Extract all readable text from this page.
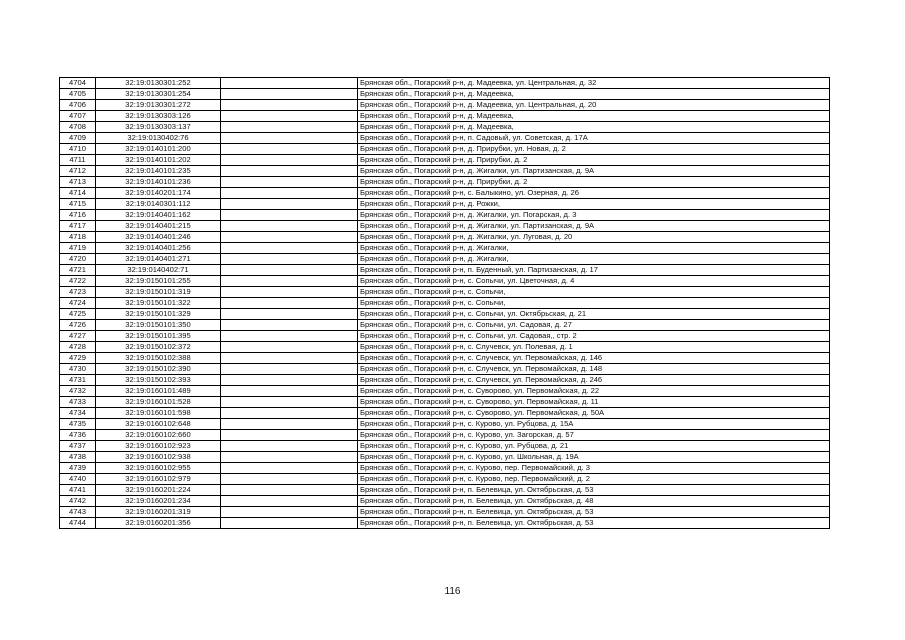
4704	32:19:0130301:252		Брянская обл., Погарский р-н, д. Мадеевка, ул. Центральная, д. 32
4705	32:19:0130301:254		Брянская обл., Погарский р-н, д. Мадеевка,
4706	32:19:0130301:272		Брянская обл., Погарский р-н, д. Мадеевка, ул. Центральная, д. 20
4707	32:19:0130303:126		Брянская обл., Погарский р-н, д. Мадеевка,
4708	32:19:0130303:137		Брянская обл., Погарский р-н, д. Мадеевка,
4709	32:19:0130402:76		Брянская обл., Погарский р-н, п. Садовый, ул. Советская, д. 17А
4710	32:19:0140101:200		Брянская обл., Погарский р-н, д. Прирубки, ул. Новая, д. 2
4711	32:19:0140101:202		Брянская обл., Погарский р-н, д. Прирубки, д. 2
4712	32:19:0140101:235		Брянская обл., Погарский р-н, д. Жигалки, ул. Партизанская, д. 9А
4713	32:19:0140101:236		Брянская обл., Погарский р-н, д. Прирубки, д. 2
4714	32:19:0140201:174		Брянская обл., Погарский р-н, с. Балыкино, ул. Озерная, д. 26
4715	32:19:0140301:112		Брянская обл., Погарский р-н, д. Рожки,
4716	32:19:0140401:162		Брянская обл., Погарский р-н, д. Жигалки, ул. Погарская, д. 3
4717	32:19:0140401:215		Брянская обл., Погарский р-н, д. Жигалки, ул. Партизанская, д. 9А
4718	32:19:0140401:246		Брянская обл., Погарский р-н, д. Жигалки, ул. Луговая, д. 20
4719	32:19:0140401:256		Брянская обл., Погарский р-н, д. Жигалки,
4720	32:19:0140401:271		Брянская обл., Погарский р-н, д. Жигалки,
4721	32:19:0140402:71		Брянская обл., Погарский р-н, п. Буденный, ул. Партизанская, д. 17
4722	32:19:0150101:255		Брянская обл., Погарский р-н, с. Сопычи, ул. Цветочная, д. 4
4723	32:19:0150101:319		Брянская обл., Погарский р-н, с. Сопычи,
4724	32:19:0150101:322		Брянская обл., Погарский р-н, с. Сопычи,
4725	32:19:0150101:329		Брянская обл., Погарский р-н, с. Сопычи, ул. Октябрьская, д. 21
4726	32:19:0150101:350		Брянская обл., Погарский р-н, с. Сопычи, ул. Садовая, д. 27
4727	32:19:0150101:395		Брянская обл., Погарский р-н, с. Сопычи, ул. Садовая,, стр. 2
4728	32:19:0150102:372		Брянская обл., Погарский р-н, с. Случевск, ул. Полевая, д. 1
4729	32:19:0150102:388		Брянская обл., Погарский р-н, с. Случевск, ул. Первомайская, д. 146
4730	32:19:0150102:390		Брянская обл., Погарский р-н, с. Случевск, ул. Первомайская, д. 148
4731	32:19:0150102:393		Брянская обл., Погарский р-н, с. Случевск, ул. Первомайская, д. 246
4732	32:19:0160101:489		Брянская обл., Погарский р-н, с. Суворово, ул. Первомайская, д. 22
4733	32:19:0160101:528		Брянская обл., Погарский р-н, с. Суворово, ул. Первомайская, д. 11
4734	32:19:0160101:598		Брянская обл., Погарский р-н, с. Суворово, ул. Первомайская, д. 50А
4735	32:19:0160102:648		Брянская обл., Погарский р-н, с. Курово, ул. Рубцова, д. 15А
4736	32:19:0160102:660		Брянская обл., Погарский р-н, с. Курово, ул. Загорская, д. 57
4737	32:19:0160102:923		Брянская обл., Погарский р-н, с. Курово, ул. Рубцова, д. 21
4738	32:19:0160102:938		Брянская обл., Погарский р-н, с. Курово, ул. Школьная, д. 19А
4739	32:19:0160102:955		Брянская обл., Погарский р-н, с. Курово, пер. Первомайский, д. 3
4740	32:19:0160102:979		Брянская обл., Погарский р-н, с. Курово, пер. Первомайский, д. 2
4741	32:19:0160201:224		Брянская обл., Погарский р-н, п. Белевица, ул. Октябрьская, д. 53
4742	32:19:0160201:234		Брянская обл., Погарский р-н, п. Белевица, ул. Октябрьская, д. 48
4743	32:19:0160201:319		Брянская обл., Погарский р-н, п. Белевица, ул. Октябрьская, д. 53
4744	32:19:0160201:356		Брянская обл., Погарский р-н, п. Белевица, ул. Октябрьская, д. 53
116
